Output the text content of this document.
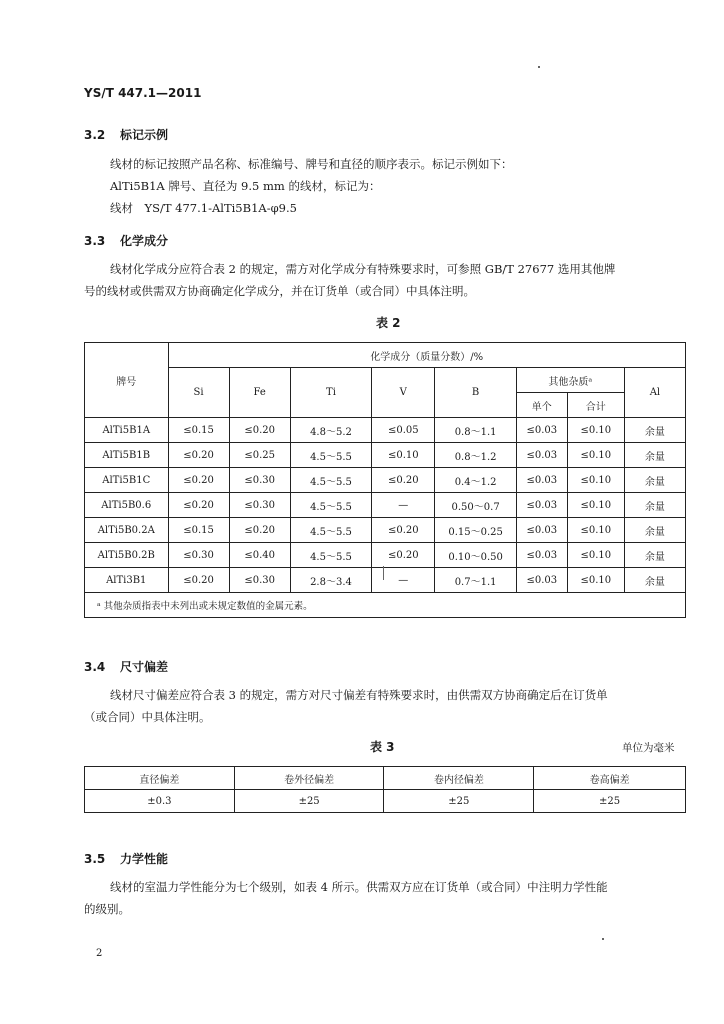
YS/T 447.1—2011
3.2 标记示例
线材的标记按照产品名称、标准编号、牌号和直径的顺序表示。标记示例如下：
AlTi5B1A 牌号、直径为 9.5 mm 的线材，标记为：
线材　YS/T 477.1-AlTi5B1A-φ9.5
3.3 化学成分
线材化学成分应符合表 2 的规定，需方对化学成分有特殊要求时，可参照 GB/T 27677 选用其他牌
号的线材或供需双方协商确定化学成分，并在订货单（或合同）中具体注明。
表 2
牌号	化学成分（质量分数）/%							
	Si	Fe	Ti	V	B	其他杂质ᵃ		Al
						单个	合计	
AlTi5B1A	≤0.15	≤0.20	4.8～5.2	≤0.05	0.8～1.1	≤0.03	≤0.10	余量
AlTi5B1B	≤0.20	≤0.25	4.5～5.5	≤0.10	0.8～1.2	≤0.03	≤0.10	余量
AlTi5B1C	≤0.20	≤0.30	4.5～5.5	≤0.20	0.4～1.2	≤0.03	≤0.10	余量
AlTi5B0.6	≤0.20	≤0.30	4.5～5.5	—	0.50～0.7	≤0.03	≤0.10	余量
AlTi5B0.2A	≤0.15	≤0.20	4.5～5.5	≤0.20	0.15～0.25	≤0.03	≤0.10	余量
AlTi5B0.2B	≤0.30	≤0.40	4.5～5.5	≤0.20	0.10～0.50	≤0.03	≤0.10	余量
AlTi3B1	≤0.20	≤0.30	2.8～3.4	—	0.7～1.1	≤0.03	≤0.10	余量
ᵃ 其他杂质指表中未列出或未规定数值的金属元素。								
3.4 尺寸偏差
线材尺寸偏差应符合表 3 的规定，需方对尺寸偏差有特殊要求时，由供需双方协商确定后在订货单
（或合同）中具体注明。
表 3	单位为毫米
直径偏差	卷外径偏差	卷内径偏差	卷高偏差
±0.3	±25	±25	±25
3.5 力学性能
线材的室温力学性能分为七个级别，如表 4 所示。供需双方应在订货单（或合同）中注明力学性能
的级别。
2
